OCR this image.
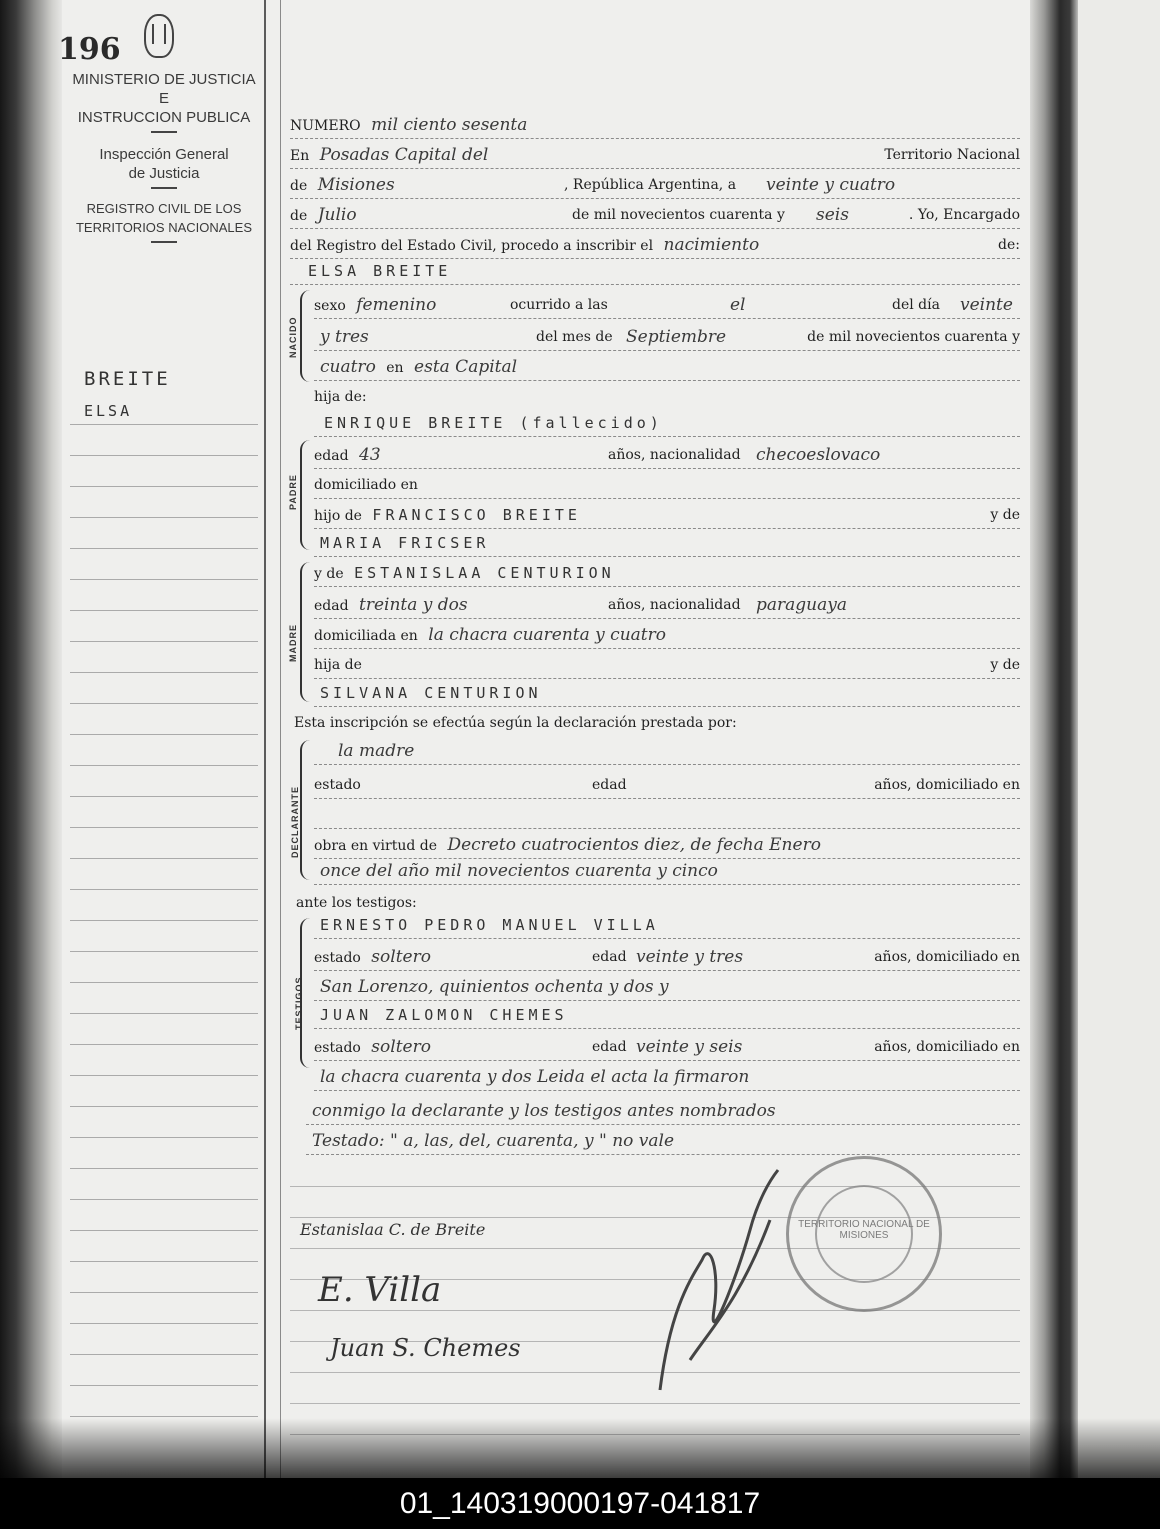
196
MINISTERIO DE JUSTICIA
E
INSTRUCCION PUBLICA
Inspección General
de Justicia
REGISTRO CIVIL DE LOS
TERRITORIOS NACIONALES
BREITE
ELSA
NUMERO mil ciento sesenta
En Posadas Capital del	Territorio Nacional
de Misiones	, República Argentina, a	veinte y cuatro
de Julio	de mil novecientos cuarenta y	seis	. Yo, Encargado
del Registro del Estado Civil, procedo a inscribir el nacimiento	de:
ELSA BREITE
NACIDO
sexo femenino	ocurrido a las	el	del día	veinte
y tres	del mes de Septiembre	de mil novecientos cuarenta y
cuatro en esta Capital
hija de:
ENRIQUE BREITE (fallecido)
PADRE
edad 43	años, nacionalidad checoeslovaco
domiciliado en
hijo de FRANCISCO BREITE	y de
MARIA FRICSER
MADRE
y de ESTANISLAA CENTURION
edad treinta y dos	años, nacionalidad paraguaya
domiciliada en la chacra cuarenta y cuatro
hija de	y de
SILVANA CENTURION
Esta inscripción se efectúa según la declaración prestada por:
DECLARANTE
la madre
estado	edad	años, domiciliado en
obra en virtud de Decreto cuatrocientos diez, de fecha Enero
once del año mil novecientos cuarenta y cinco
ante los testigos:
TESTIGOS
ERNESTO PEDRO MANUEL VILLA
estado soltero	edad veinte y tres	años, domiciliado en
San Lorenzo, quinientos ochenta y dos y
JUAN ZALOMON CHEMES
estado soltero	edad veinte y seis	años, domiciliado en
la chacra cuarenta y dos Leida el acta la firmaron
conmigo la declarante y los testigos antes nombrados
Testado: " a, las, del, cuarenta, y " no vale
Estanislaa C. de Breite
E. Villa
Juan S. Chemes
TERRITORIO NACIONAL DE MISIONES
01_140319000197-041817
